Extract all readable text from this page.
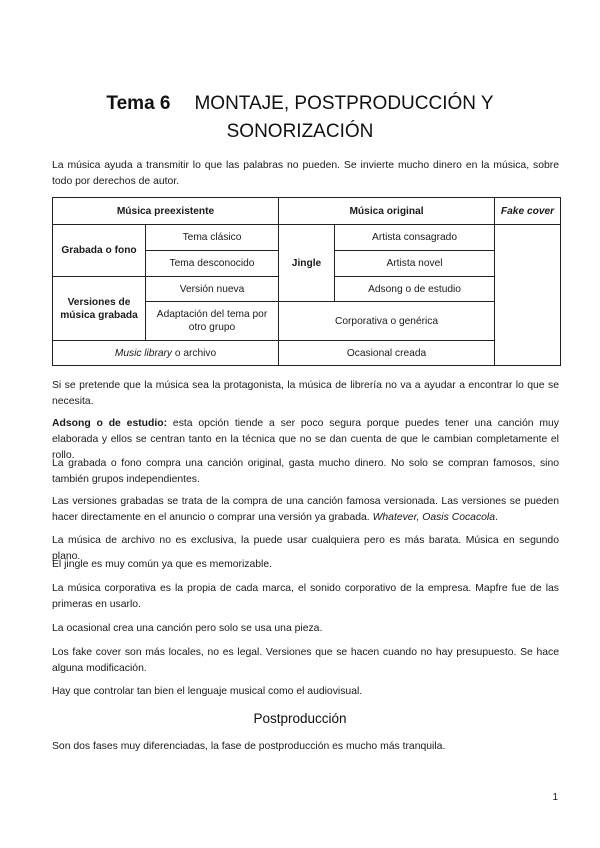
Tema 6 MONTAJE, POSTPRODUCCIÓN Y
SONORIZACIÓN

La música ayuda a transmitir lo que las palabras no pueden. Se invierte mucho dinero en la música, sobre todo por derechos de autor.

Música preexistente		Música original		Fake cover
Grabada o fono	Tema clásico	Jingle	Artista consagrado	
	Tema desconocido		Artista novel	
Versiones de música grabada	Versión nueva		Adsong o de estudio	
	Adaptación del tema por otro grupo	Corporativa o genérica		
Music library o archivo		Ocasional creada		

Si se pretende que la música sea la protagonista, la música de librería no va a ayudar a encontrar lo que se necesita.

Adsong o de estudio: esta opción tiende a ser poco segura porque puedes tener una canción muy elaborada y ellos se centran tanto en la técnica que no se dan cuenta de que le cambian completamente el rollo.

La grabada o fono compra una canción original, gasta mucho dinero. No solo se compran famosos, sino también grupos independientes.

Las versiones grabadas se trata de la compra de una canción famosa versionada. Las versiones se pueden hacer directamente en el anuncio o comprar una versión ya grabada. Whatever, Oasis Cocacola.

La música de archivo no es exclusiva, la puede usar cualquiera pero es más barata. Música en segundo plano.

El jingle es muy común ya que es memorizable.

La música corporativa es la propia de cada marca, el sonido corporativo de la empresa. Mapfre fue de las primeras en usarlo.

La ocasional crea una canción pero solo se usa una pieza.

Los fake cover son más locales, no es legal. Versiones que se hacen cuando no hay presupuesto. Se hace alguna modificación.

Hay que controlar tan bien el lenguaje musical como el audiovisual.

Postproducción

Son dos fases muy diferenciadas, la fase de postproducción es mucho más tranquila.

1
